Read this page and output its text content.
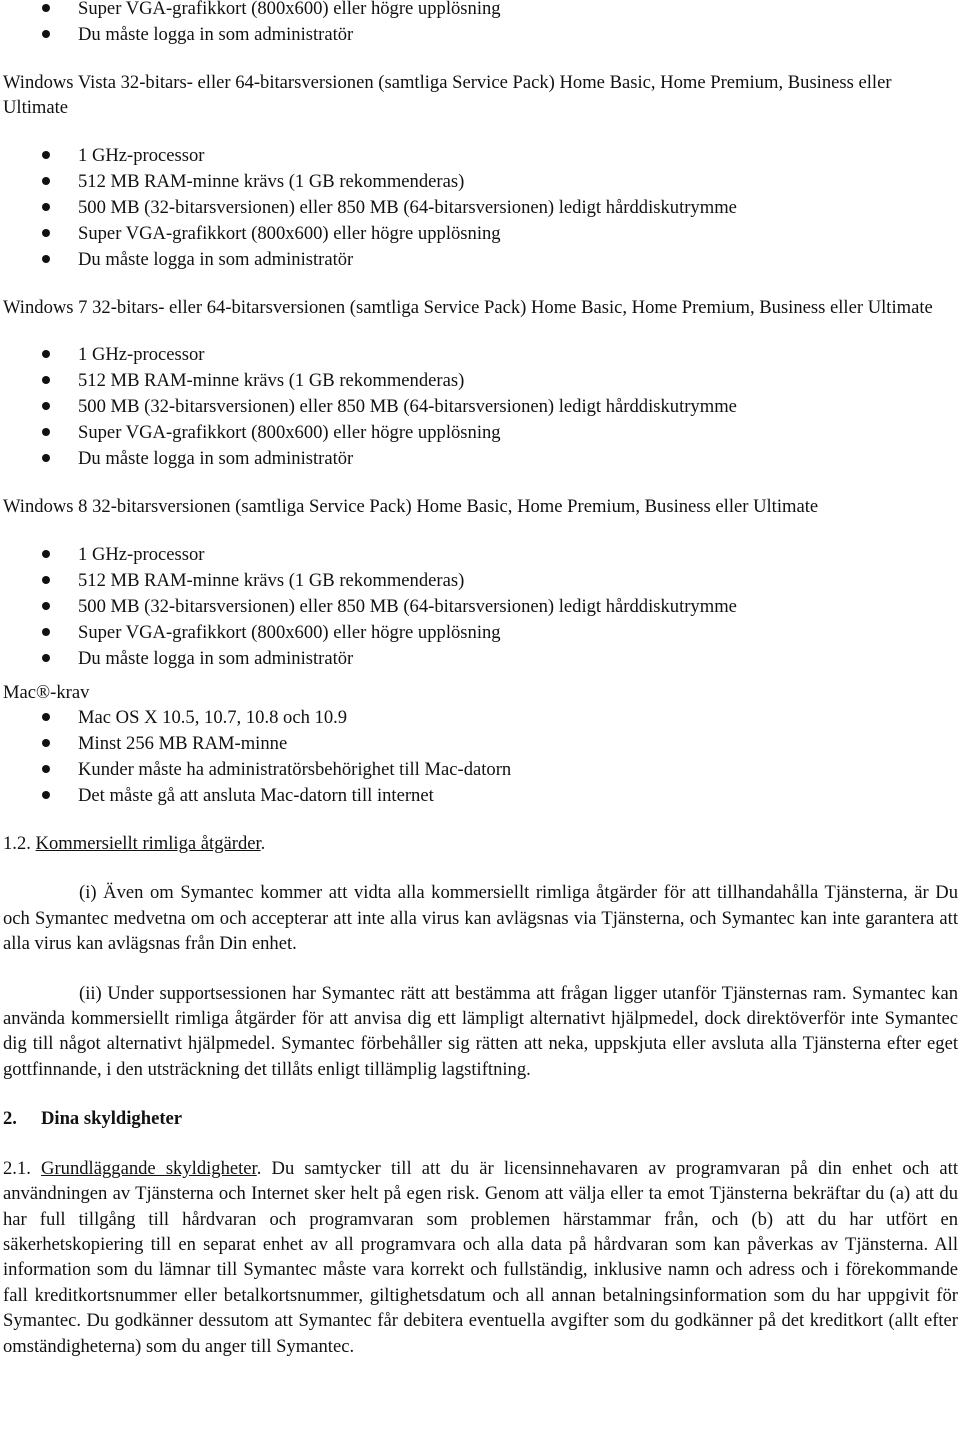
Super VGA-grafikkort (800x600) eller högre upplösning
Du måste logga in som administratör

Windows Vista 32-bitars- eller 64-bitarsversionen (samtliga Service Pack) Home Basic, Home Premium, Business eller Ultimate

1 GHz-processor
512 MB RAM-minne krävs (1 GB rekommenderas)
500 MB (32-bitarsversionen) eller 850 MB (64-bitarsversionen) ledigt hårddiskutrymme
Super VGA-grafikkort (800x600) eller högre upplösning
Du måste logga in som administratör

Windows 7 32-bitars- eller 64-bitarsversionen (samtliga Service Pack) Home Basic, Home Premium, Business eller Ultimate

1 GHz-processor
512 MB RAM-minne krävs (1 GB rekommenderas)
500 MB (32-bitarsversionen) eller 850 MB (64-bitarsversionen) ledigt hårddiskutrymme
Super VGA-grafikkort (800x600) eller högre upplösning
Du måste logga in som administratör

Windows 8 32-bitarsversionen (samtliga Service Pack) Home Basic, Home Premium, Business eller Ultimate

1 GHz-processor
512 MB RAM-minne krävs (1 GB rekommenderas)
500 MB (32-bitarsversionen) eller 850 MB (64-bitarsversionen) ledigt hårddiskutrymme
Super VGA-grafikkort (800x600) eller högre upplösning
Du måste logga in som administratör

Mac®-krav

Mac OS X 10.5, 10.7, 10.8 och 10.9
Minst 256 MB RAM-minne
Kunder måste ha administratörsbehörighet till Mac-datorn
Det måste gå att ansluta Mac-datorn till internet

1.2. Kommersiellt rimliga åtgärder.

(i) Även om Symantec kommer att vidta alla kommersiellt rimliga åtgärder för att tillhandahålla Tjänsterna, är Du och Symantec medvetna om och accepterar att inte alla virus kan avlägsnas via Tjänsterna, och Symantec kan inte garantera att alla virus kan avlägsnas från Din enhet.

(ii) Under supportsessionen har Symantec rätt att bestämma att frågan ligger utanför Tjänsternas ram. Symantec kan använda kommersiellt rimliga åtgärder för att anvisa dig ett lämpligt alternativt hjälpmedel, dock direktöverför inte Symantec dig till något alternativt hjälpmedel. Symantec förbehåller sig rätten att neka, uppskjuta eller avsluta alla Tjänsterna efter eget gottfinnande, i den utsträckning det tillåts enligt tillämplig lagstiftning.

2. Dina skyldigheter

2.1. Grundläggande skyldigheter. Du samtycker till att du är licensinnehavaren av programvaran på din enhet och att användningen av Tjänsterna och Internet sker helt på egen risk. Genom att välja eller ta emot Tjänsterna bekräftar du (a) att du har full tillgång till hårdvaran och programvaran som problemen härstammar från, och (b) att du har utfört en säkerhetskopiering till en separat enhet av all programvara och alla data på hårdvaran som kan påverkas av Tjänsterna. All information som du lämnar till Symantec måste vara korrekt och fullständig, inklusive namn och adress och i förekommande fall kreditkortsnummer eller betalkortsnummer, giltighetsdatum och all annan betalningsinformation som du har uppgivit för Symantec. Du godkänner dessutom att Symantec får debitera eventuella avgifter som du godkänner på det kreditkort (allt efter omständigheterna) som du anger till Symantec.
